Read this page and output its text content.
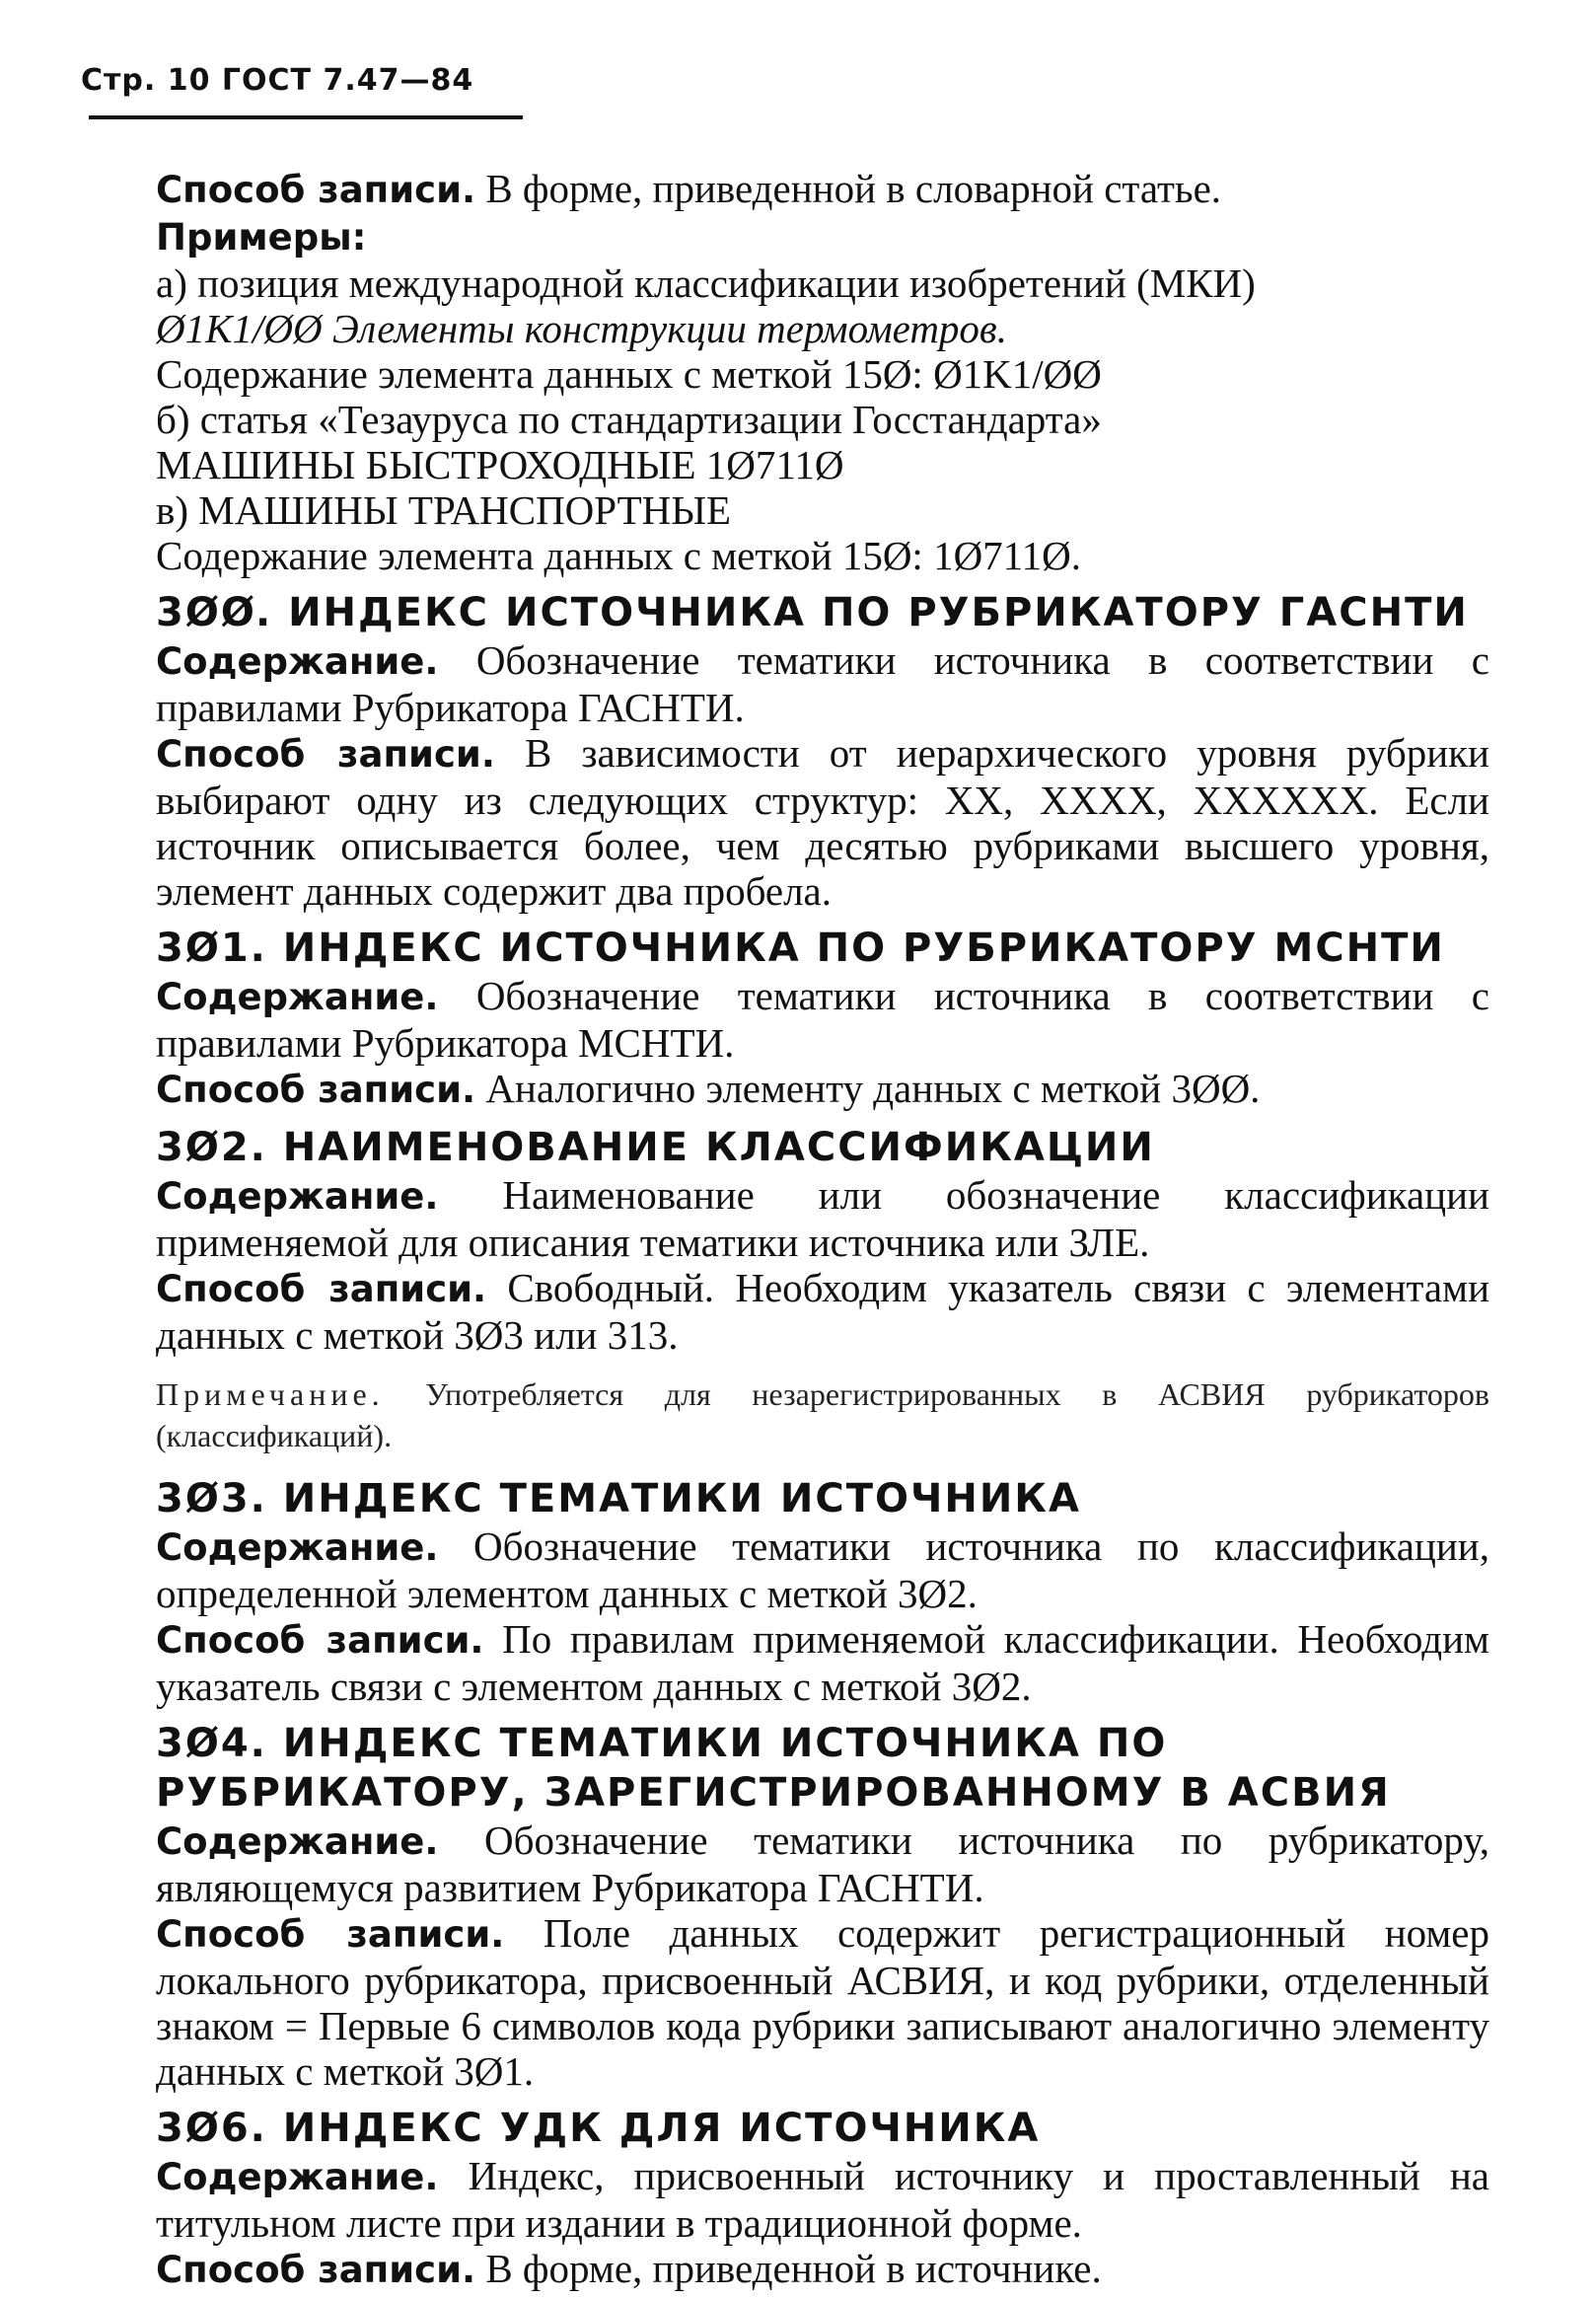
Стр. 10 ГОСТ 7.47—84

Способ записи. В форме, приведенной в словарной статье.

Примеры:

а) позиция международной классификации изобретений (МКИ)

Ø1K1/ØØ Элементы конструкции термометров.

Содержание элемента данных с меткой 15Ø: Ø1K1/ØØ

б) статья «Тезауруса по стандартизации Госстандарта»

МАШИНЫ БЫСТРОХОДНЫЕ 1Ø711Ø

в) МАШИНЫ ТРАНСПОРТНЫЕ

Содержание элемента данных с меткой 15Ø: 1Ø711Ø.

3ØØ. ИНДЕКС ИСТОЧНИКА ПО РУБРИКАТОРУ ГАСНТИ

Содержание. Обозначение тематики источника в соответствии с правилами Рубрикатора ГАСНТИ.

Способ записи. В зависимости от иерархического уровня рубрики выбирают одну из следующих структур: XX, XXXX, XXXXXX. Если источник описывается более, чем десятью рубриками высшего уровня, элемент данных содержит два пробела.

3Ø1. ИНДЕКС ИСТОЧНИКА ПО РУБРИКАТОРУ МСНТИ

Содержание. Обозначение тематики источника в соответствии с правилами Рубрикатора МСНТИ.

Способ записи. Аналогично элементу данных с меткой 3ØØ.

3Ø2. НАИМЕНОВАНИЕ КЛАССИФИКАЦИИ

Содержание. Наименование или обозначение классификации применяемой для описания тематики источника или ЗЛЕ.

Способ записи. Свободный. Необходим указатель связи с элементами данных с меткой 3Ø3 или 313.

Примечание. Употребляется для незарегистрированных в АСВИЯ рубрикаторов (классификаций).

3Ø3. ИНДЕКС ТЕМАТИКИ ИСТОЧНИКА

Содержание. Обозначение тематики источника по классификации, определенной элементом данных с меткой 3Ø2.

Способ записи. По правилам применяемой классификации. Необходим указатель связи с элементом данных с меткой 3Ø2.

3Ø4. ИНДЕКС ТЕМАТИКИ ИСТОЧНИКА ПО РУБРИКАТОРУ, ЗАРЕГИСТРИРОВАННОМУ В АСВИЯ

Содержание. Обозначение тематики источника по рубрикатору, являющемуся развитием Рубрикатора ГАСНТИ.

Способ записи. Поле данных содержит регистрационный номер локального рубрикатора, присвоенный АСВИЯ, и код рубрики, отделенный знаком = Первые 6 символов кода рубрики записывают аналогично элементу данных с меткой 3Ø1.

3Ø6. ИНДЕКС УДК ДЛЯ ИСТОЧНИКА

Содержание. Индекс, присвоенный источнику и проставленный на титульном листе при издании в традиционной форме.

Способ записи. В форме, приведенной в источнике.
